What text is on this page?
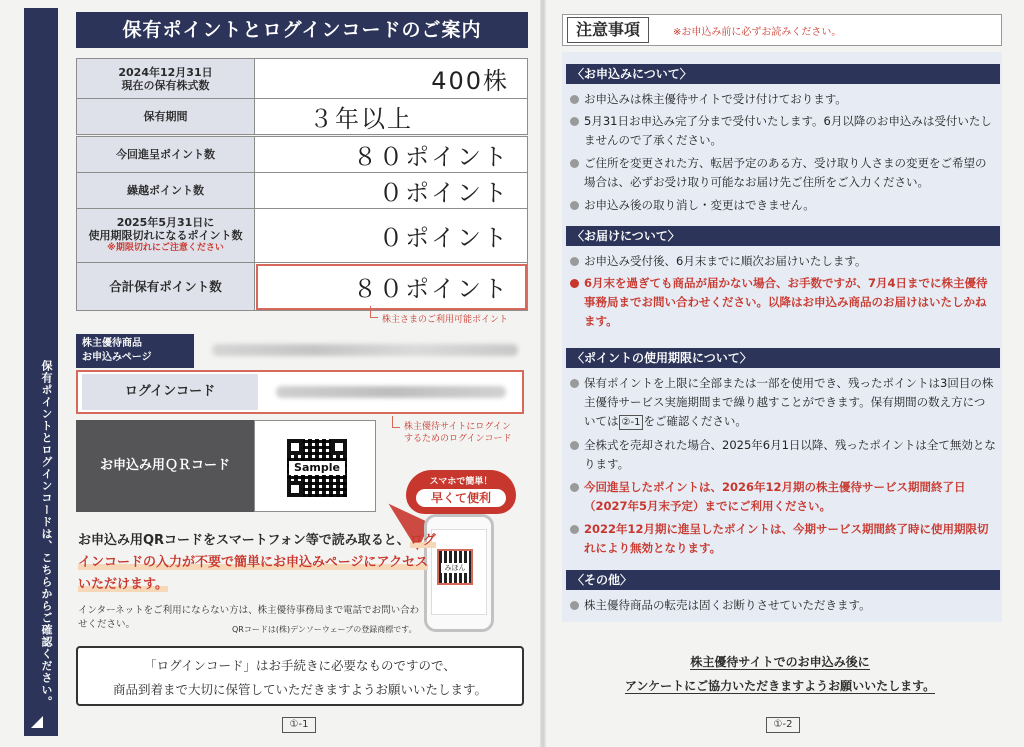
保有ポイントとログインコードは、こちらからご確認ください。
保有ポイントとログインコードのご案内
2024年12月31日
現在の保有株式数	400株
保有期間	３年以上
今回進呈ポイント数	８０ポイント
繰越ポイント数	０ポイント

2025年5月31日に
使用期限切れになるポイント数
※期限切れにご注意ください	０ポイント
合計保有ポイント数	８０ポイント
株主さまのご利用可能ポイント
株主優待商品
お申込みページ
ログインコード
株主優待サイトにログイン
するためのログインコード
お申込み用ＱＲコード	Sample
スマホで簡単！
早くて便利
みほん
お申込み用QRコードをスマートフォン等で読み取ると、ログインコードの入力が不要で簡単にお申込みページにアクセスいただけます。
インターネットをご利用にならない方は、株主優待事務局まで電話でお問い合わせください。	QRコードは(株)デンソーウェーブの登録商標です。
「ログインコード」はお手続きに必要なものですので、
商品到着まで大切に保管していただきますようお願いいたします。
①-1
注意事項	※お申込み前に必ずお読みください。
〈お申込みについて〉
お申込みは株主優待サイトで受け付けております。
5月31日お申込み完了分まで受付いたします。6月以降のお申込みは受付いたしませんので了承ください。
ご住所を変更された方、転居予定のある方、受け取り人さまの変更をご希望の場合は、必ずお受け取り可能なお届け先ご住所をご入力ください。
お申込み後の取り消し・変更はできません。
〈お届けについて〉
お申込み受付後、6月末までに順次お届けいたします。
6月末を過ぎても商品が届かない場合、お手数ですが、7月4日までに株主優待事務局までお問い合わせください。以降はお申込み商品のお届けはいたしかねます。
〈ポイントの使用期限について〉
保有ポイントを上限に全部または一部を使用でき、残ったポイントは3回目の株主優待サービス実施期間まで繰り越すことができます。保有期間の数え方については ②-1 をご確認ください。
全株式を売却された場合、2025年6月1日以降、残ったポイントは全て無効となります。
今回進呈したポイントは、2026年12月期の株主優待サービス期間終了日（2027年5月末予定）までにご利用ください。
2022年12月期に進呈したポイントは、今期サービス期間終了時に使用期限切れにより無効となります。
〈その他〉
株主優待商品の転売は固くお断りさせていただきます。
株主優待サイトでのお申込み後に
アンケートにご協力いただきますようお願いいたします。
①-2
